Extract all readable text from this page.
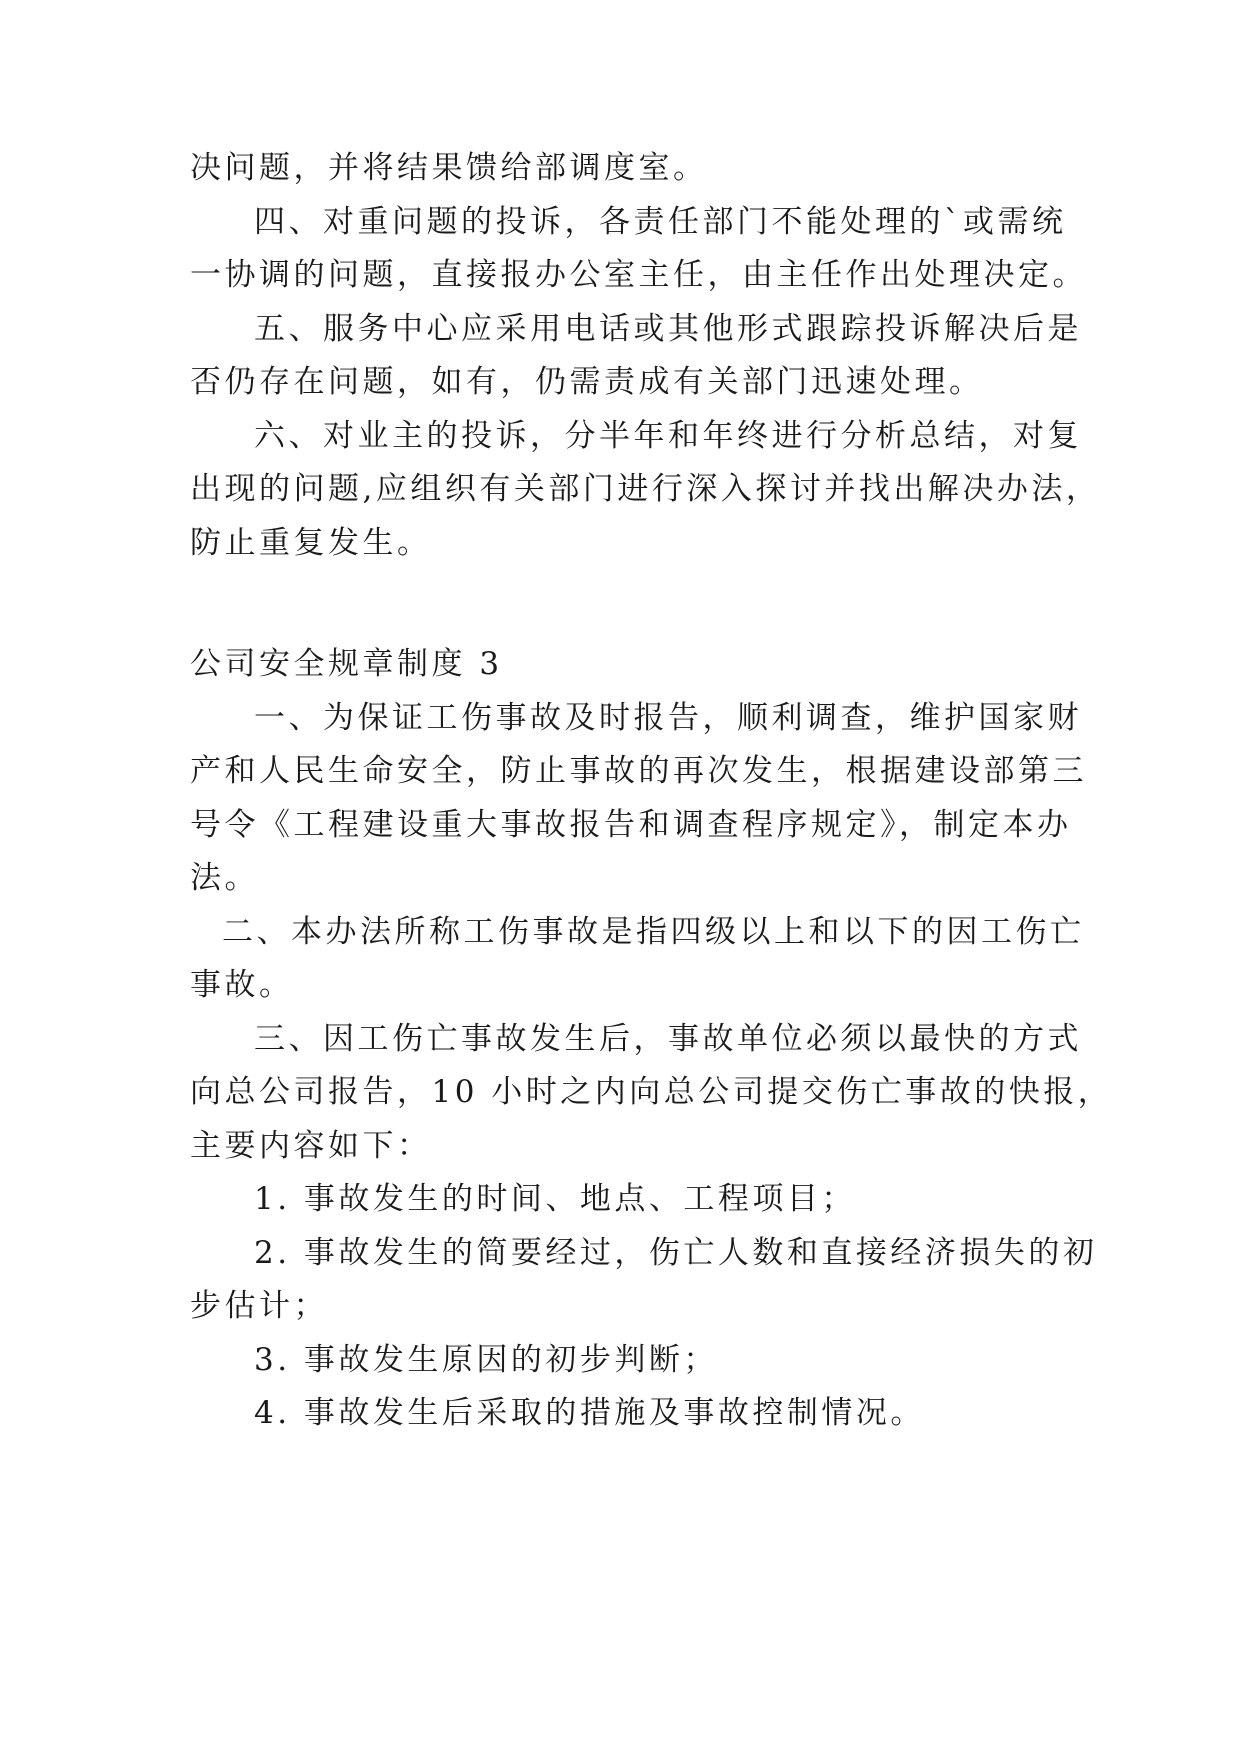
决问题，并将结果馈给部调度室。
四、对重问题的投诉，各责任部门不能处理的`或需统
一协调的问题，直接报办公室主任，由主任作出处理决定。
五、服务中心应采用电话或其他形式跟踪投诉解决后是
否仍存在问题，如有，仍需责成有关部门迅速处理。
六、对业主的投诉，分半年和年终进行分析总结，对复
出现的问题,应组织有关部门进行深入探讨并找出解决办法，
防止重复发生。
公司安全规章制度 3
一、为保证工伤事故及时报告，顺利调查，维护国家财
产和人民生命安全，防止事故的再次发生，根据建设部第三
号令《工程建设重大事故报告和调查程序规定》，制定本办
法。
二、本办法所称工伤事故是指四级以上和以下的因工伤亡
事故。
三、因工伤亡事故发生后，事故单位必须以最快的方式
向总公司报告，10 小时之内向总公司提交伤亡事故的快报，
主要内容如下：
1. 事故发生的时间、地点、工程项目；
2. 事故发生的简要经过，伤亡人数和直接经济损失的初
步估计；
3. 事故发生原因的初步判断；
4. 事故发生后采取的措施及事故控制情况。
